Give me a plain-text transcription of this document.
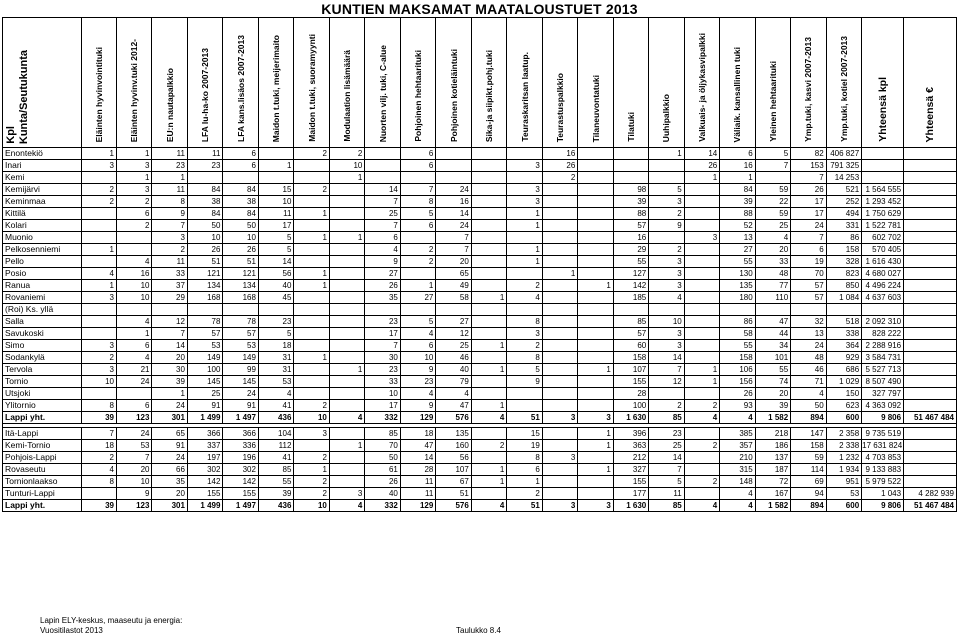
KUNTIEN MAKSAMAT MAATALOUSTUET 2013
Kpl Kunta/Seutukunta	Eläinten hyvinvointituki	Eläinten hyvinv.tuki 2012-	EU:n nautapalkkio	LFA lu-ha-ko 2007-2013	LFA kans.lisäos 2007-2013	Maidon t.tuki, meijerimaito	Maidon t.tuki, suoramyynti	Modulaation lisämäärä	Nuorten vilj. tuki, C-alue	Pohjoinen hehtaarituki	Pohjoinen kotieläintuki	Sika-ja siipikt.pohj.tuki	Teuraskaritsan laatup.	Teurastuspalkkio	Tilaneuvontatuki	Tilatuki	Uuhipalkkio	Valkuais- ja öljykasvipalkki	Väliaik. kansallinen tuki	Yleinen hehtaarituki	Ymp.tuki, kasvi 2007-2013	Ymp.tuki, kotiel 2007-2013	Yhteensä kpl	Yhteensä €

Enontekiö	1	1	11	11	6		2	2		6				16			1	14	6	5	82	406 827		
Inari	3	3	23	23	6	1		10		6			3	26				26	16	7	153	791 325		
Kemi		1	1					1						2				1	1		7	14 253		
Kemijärvi	2	3	11	84	84	15	2		14	7	24		3			98	5		84	59	26	521	1 564 555	
Keminmaa	2	2	8	38	38	10			7	8	16		3			39	3		39	22	17	252	1 293 452	
Kittilä		6	9	84	84	11	1		25	5	14		1			88	2		88	59	17	494	1 750 629	
Kolari		2	7	50	50	17			7	6	24		1			57	9		52	25	24	331	1 522 781	
Muonio			3	10	10	5	1	1	6		7					16		3	13	4	7	86	602 702	
Pelkosenniemi	1		2	26	26	5			4	2	7		1			29	2		27	20	6	158	570 405	
Pello		4	11	51	51	14			9	2	20		1			55	3		55	33	19	328	1 616 430	
Posio	4	16	33	121	121	56	1		27		65			1		127	3		130	48	70	823	4 680 027	
Ranua	1	10	37	134	134	40	1		26	1	49		2		1	142	3		135	77	57	850	4 496 224	
Rovaniemi	3	10	29	168	168	45			35	27	58	1	4			185	4		180	110	57	1 084	4 637 603	
(Roi) Ks. yllä																								
Salla		4	12	78	78	23			23	5	27		8			85	10		86	47	32	518	2 092 310	
Savukoski		1	7	57	57	5			17	4	12		3			57	3		58	44	13	338	828 222	
Simo	3	6	14	53	53	18			7	6	25	1	2			60	3		55	34	24	364	2 288 916	
Sodankylä	2	4	20	149	149	31	1		30	10	46		8			158	14		158	101	48	929	3 584 731	
Tervola	3	21	30	100	99	31		1	23	9	40	1	5		1	107	7	1	106	55	46	686	5 527 713	
Tornio	10	24	39	145	145	53			33	23	79		9			155	12	1	156	74	71	1 029	8 507 490	
Utsjoki			1	25	24	4			10	4	4					28			26	20	4	150	327 797	
Ylitornio	8	6	24	91	91	41	2		17	9	47	1				100	2	2	93	39	50	623	4 363 092	
Lappi yht.	39	123	301	1 499	1 497	436	10	4	332	129	576	4	51	3	3	1 630	85	4	4	1 582	894	600	9 806	51 467 484

Itä-Lappi	7	24	65	366	366	104	3		85	18	135		15		1	396	23		385	218	147	2 358	9 735 519	
Kemi-Tornio	18	53	91	337	336	112		1	70	47	160	2	19		1	363	25	2	357	186	158	2 338	17 631 824	
Pohjois-Lappi	2	7	24	197	196	41	2		50	14	56		8	3		212	14		210	137	59	1 232	4 703 853	
Rovaseutu	4	20	66	302	302	85	1		61	28	107	1	6		1	327	7		315	187	114	1 934	9 133 883	
Tornionlaakso	8	10	35	142	142	55	2		26	11	67	1	1			155	5	2	148	72	69	951	5 979 522	
Tunturi-Lappi		9	20	155	155	39	2	3	40	11	51		2			177	11		4	167	94	53	1 043	4 282 939
Lappi yht.	39	123	301	1 499	1 497	436	10	4	332	129	576	4	51	3	3	1 630	85	4	4	1 582	894	600	9 806	51 467 484
Lapin ELY-keskus, maaseutu ja energia:
Vuositilastot 2013	Taulukko 8.4
